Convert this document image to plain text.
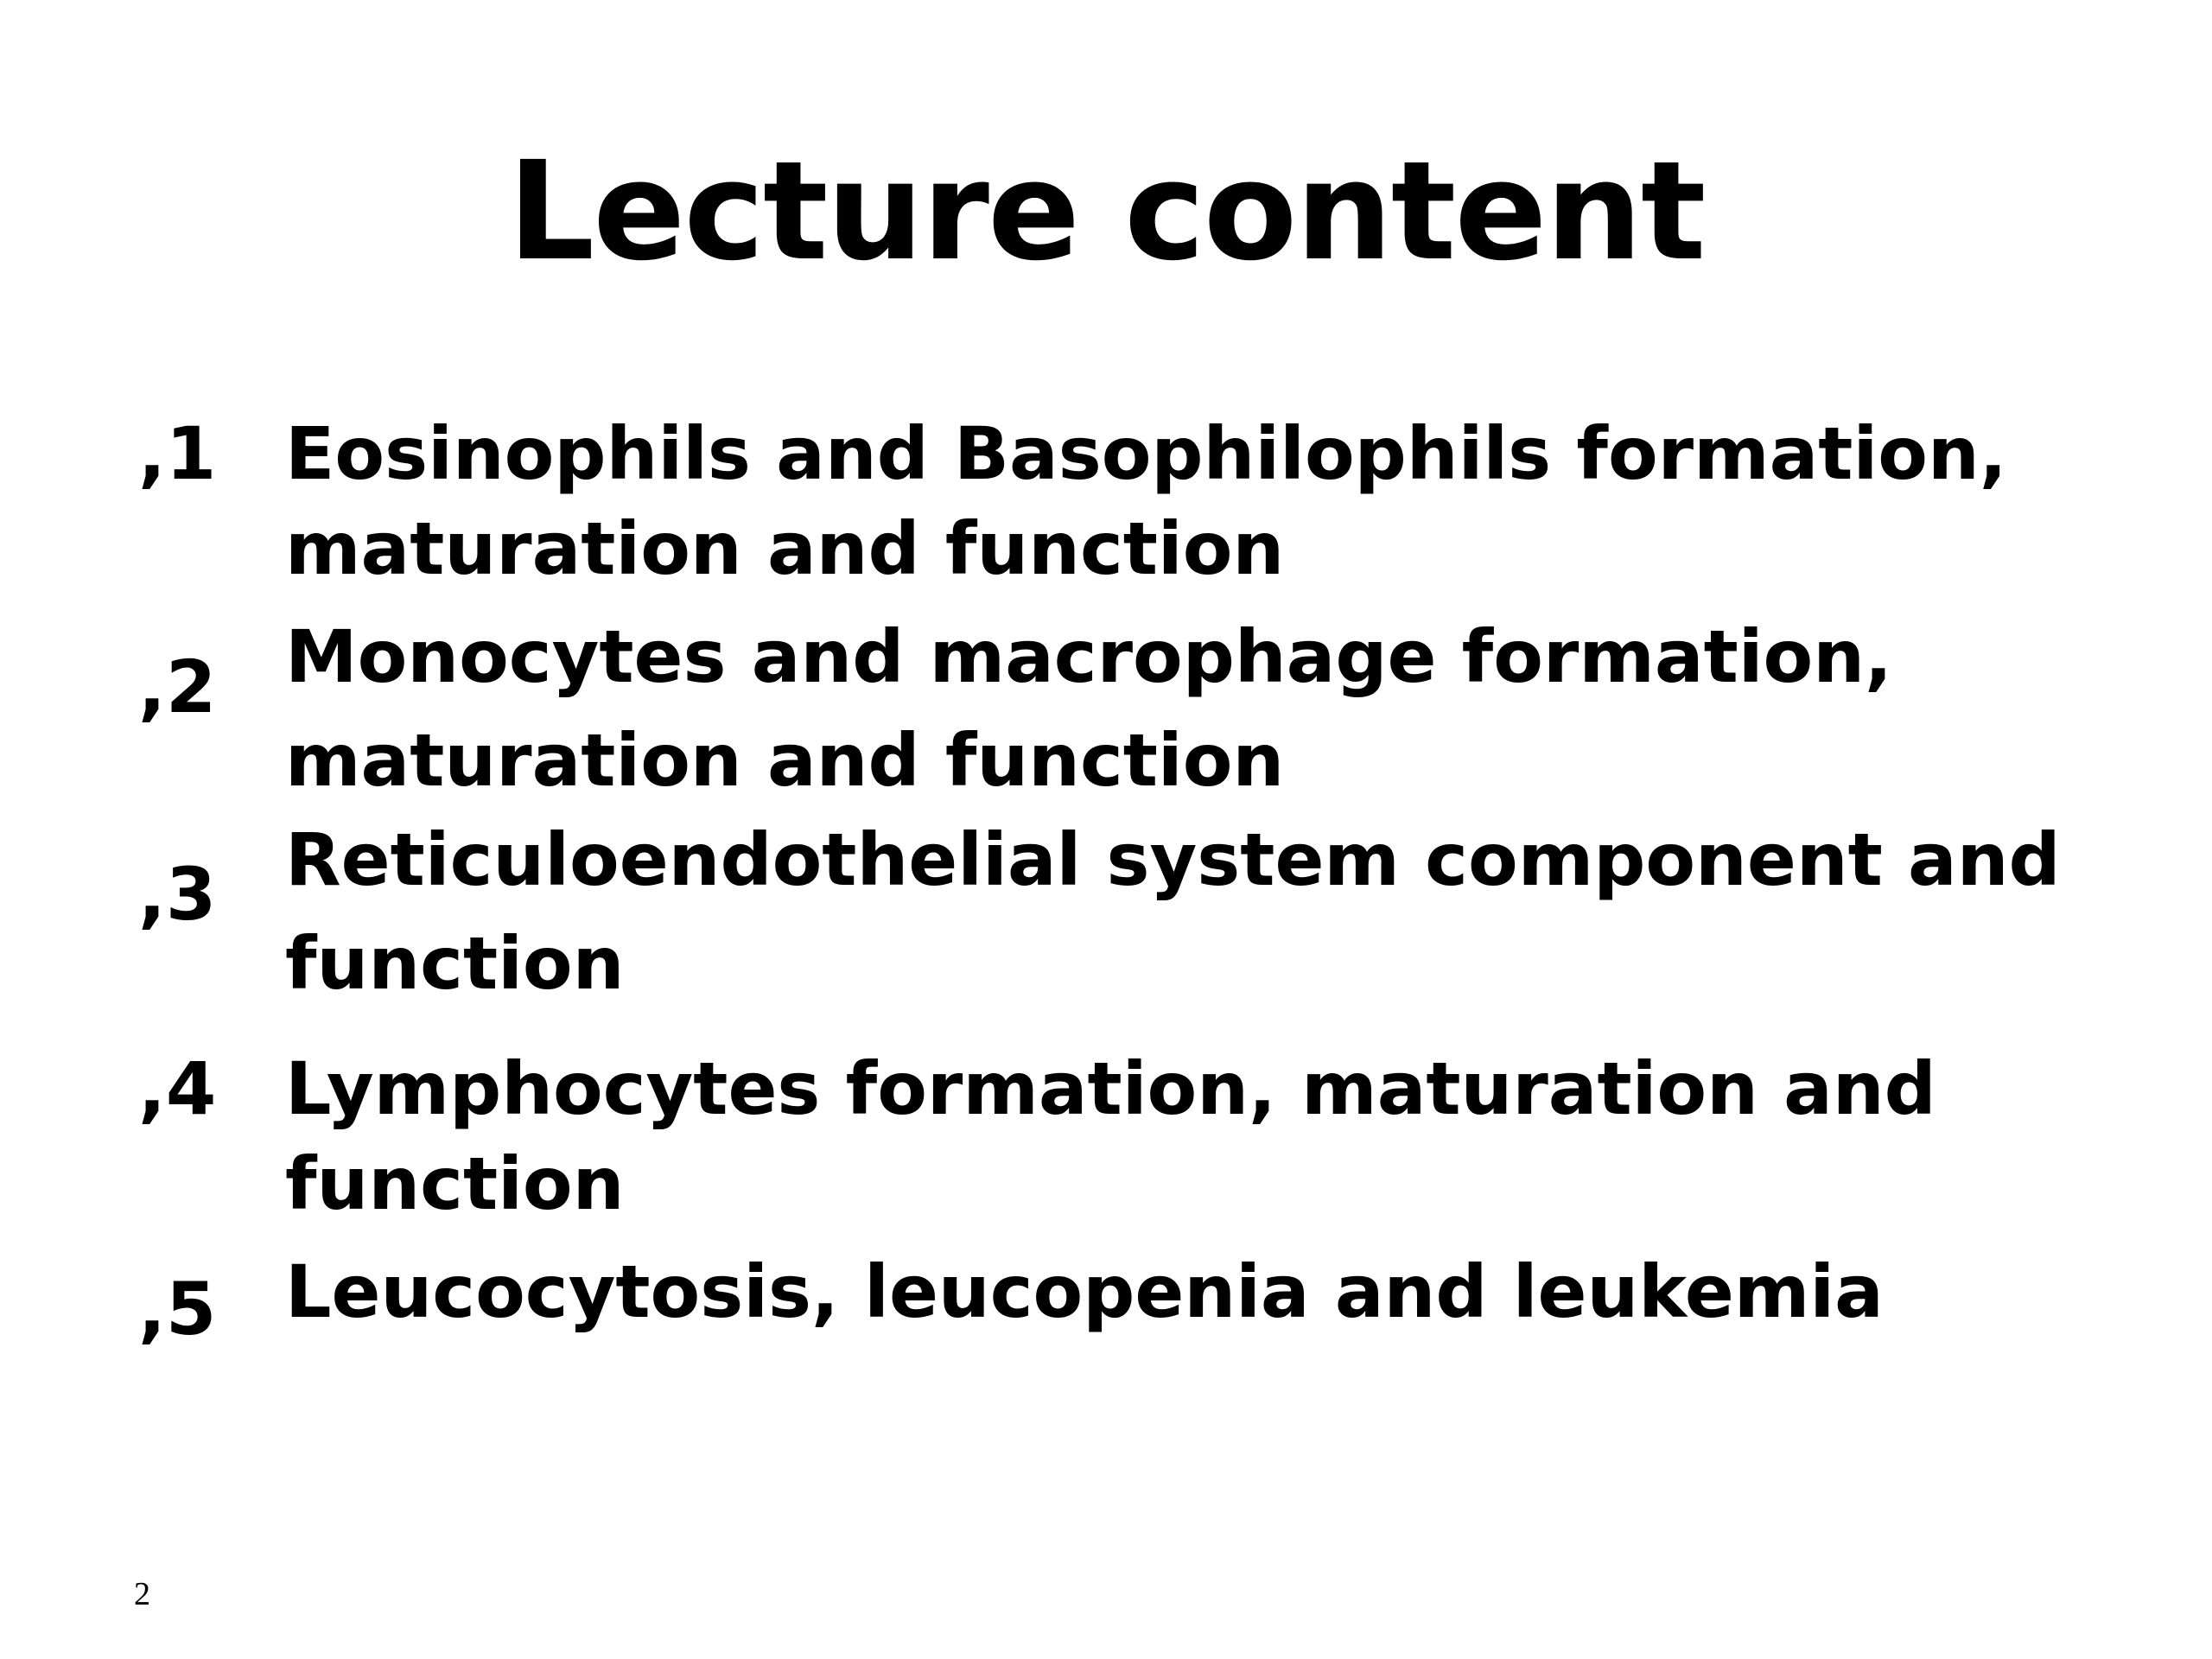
Lecture content
,1 Eosinophils and Basophilophils formation,
maturation and function
,2 Monocytes and macrophage formation,
maturation and function
,3 Reticuloendothelial system component and
function
,4 Lymphocytes formation, maturation and
function
,5 Leucocytosis, leucopenia and leukemia
2
